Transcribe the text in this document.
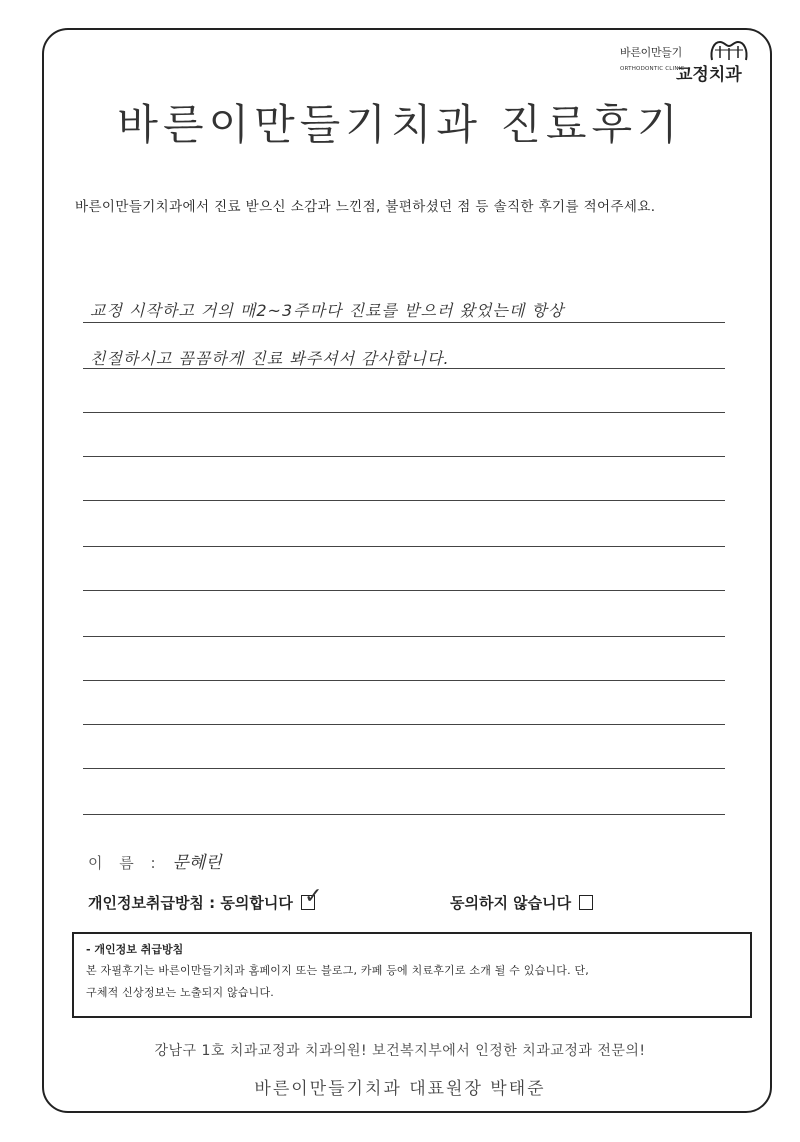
바른이만들기
ORTHODONTIC CLINIC
교정치과
바른이만들기치과 진료후기
바른이만들기치과에서 진료 받으신 소감과 느낀점, 불편하셨던 점 등 솔직한 후기를 적어주세요.
교정 시작하고 거의 매2~3주마다 진료를 받으러 왔었는데 항상
친절하시고 꼼꼼하게 진료 봐주셔서 감사합니다.
이 름 : 문혜린
개인정보취급방침 : 동의합니다 ✓	동의하지 않습니다
- 개인정보 취급방침
본 자필후기는 바른이만들기치과 홈페이지 또는 블로그, 카페 등에 치료후기로 소개 될 수 있습니다. 단,
구체적 신상정보는 노출되지 않습니다.
강남구 1호 치과교정과 치과의원! 보건복지부에서 인정한 치과교정과 전문의!
바른이만들기치과 대표원장 박태준
